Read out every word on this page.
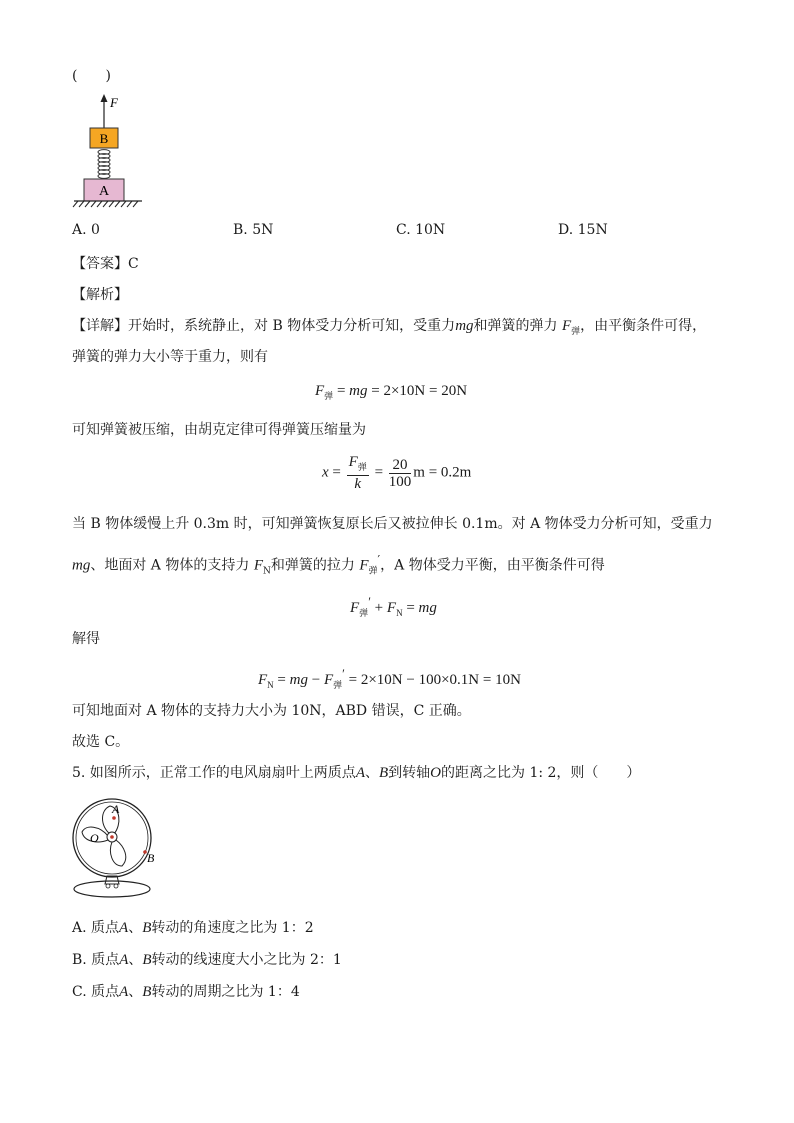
(　　)
F
B
A
A. 0	B. 5N	C. 10N	D. 15N
【答案】C
【解析】
【详解】开始时，系统静止，对 B 物体受力分析可知，受重力mg和弹簧的弹力 $F_弹$，由平衡条件可得，
弹簧的弹力大小等于重力，则有
$F_弹$ = mg = 2×10N = 20N
可知弹簧被压缩，由胡克定律可得弹簧压缩量为
$x = \frac{F_弹}{k} = \frac{20}{100}$ m = 0.2m
当 B 物体缓慢上升 0.3m 时，可知弹簧恢复原长后又被拉伸长 0.1m。对 A 物体受力分析可知，受重力
mg、地面对 A 物体的支持力 $F_N$和弹簧的拉力 $F_弹'$，A 物体受力平衡，由平衡条件可得
$F_弹' + F_N$ = mg
解得
$F_N$ = mg − $F_弹' = 2\times 10N - 100\times 0.1N = 10N$
可知地面对 A 物体的支持力大小为 10N，ABD 错误，C 正确。
故选 C。
5. 如图所示，正常工作的电风扇扇叶上两质点A、B到转轴O的距离之比为 1: 2，则（　　）
A
O
B
A. 质点A、B转动的角速度之比为 1：2
B. 质点A、B转动的线速度大小之比为 2：1
C. 质点A、B转动的周期之比为 1：4
